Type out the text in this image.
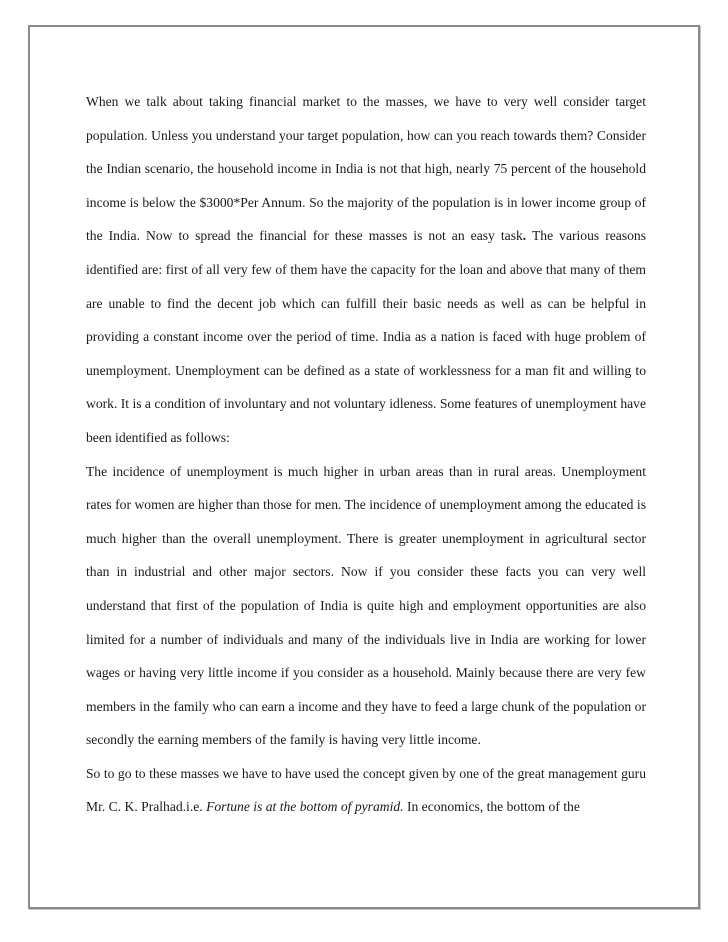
When we talk about taking financial market to the masses, we have to very well consider target population. Unless you understand your target population, how can you reach towards them? Consider the Indian scenario, the household income in India is not that high, nearly 75 percent of the household income is below the $3000*Per Annum. So the majority of the population is in lower income group of the India. Now to spread the financial for these masses is not an easy task. The various reasons identified are: first of all very few of them have the capacity for the loan and above that many of them are unable to find the decent job which can fulfill their basic needs as well as can be helpful in providing a constant income over the period of time. India as a nation is faced with huge problem of unemployment. Unemployment can be defined as a state of worklessness for a man fit and willing to work. It is a condition of involuntary and not voluntary idleness. Some features of unemployment have been identified as follows:

The incidence of unemployment is much higher in urban areas than in rural areas. Unemployment rates for women are higher than those for men. The incidence of unemployment among the educated is much higher than the overall unemployment. There is greater unemployment in agricultural sector than in industrial and other major sectors. Now if you consider these facts you can very well understand that first of the population of India is quite high and employment opportunities are also limited for a number of individuals and many of the individuals live in India are working for lower wages or having very little income if you consider as a household. Mainly because there are very few members in the family who can earn a income and they have to feed a large chunk of the population or secondly the earning members of the family is having very little income.

So to go to these masses we have to have used the concept given by one of the great management guru Mr. C. K. Pralhad.i.e. Fortune is at the bottom of pyramid. In economics, the bottom of the
